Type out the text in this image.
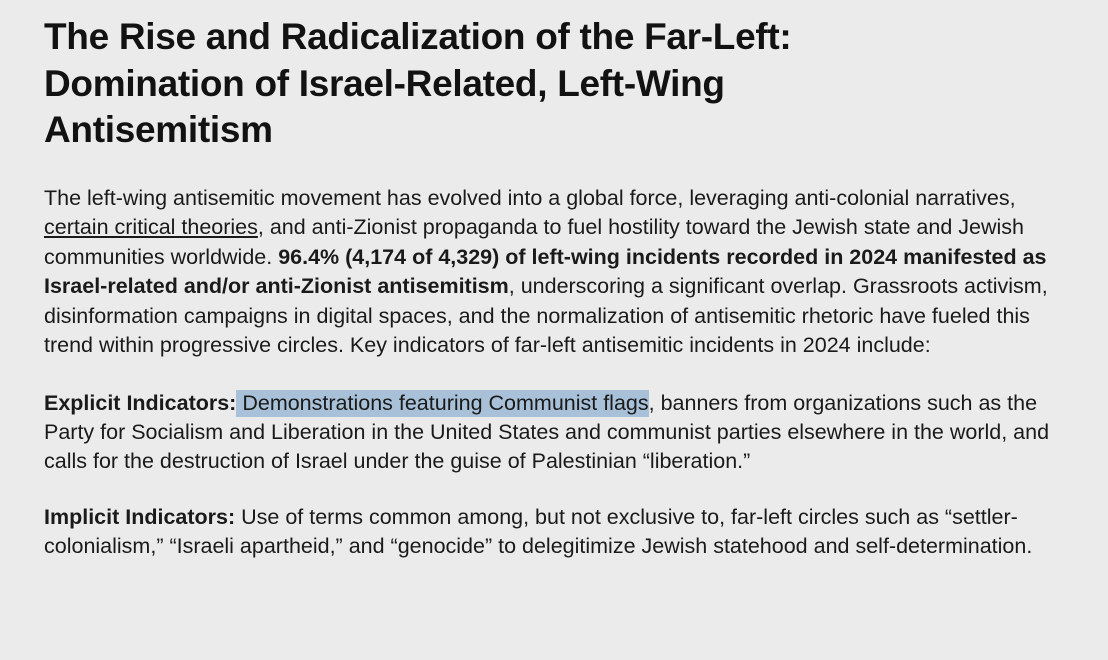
The Rise and Radicalization of the Far-Left: Domination of Israel-Related, Left-Wing Antisemitism

The left-wing antisemitic movement has evolved into a global force, leveraging anti-colonial narratives, certain critical theories, and anti-Zionist propaganda to fuel hostility toward the Jewish state and Jewish communities worldwide. 96.4% (4,174 of 4,329) of left-wing incidents recorded in 2024 manifested as Israel-related and/or anti-Zionist antisemitism, underscoring a significant overlap. Grassroots activism, disinformation campaigns in digital spaces, and the normalization of antisemitic rhetoric have fueled this trend within progressive circles. Key indicators of far-left antisemitic incidents in 2024 include:

Explicit Indicators: Demonstrations featuring Communist flags, banners from organizations such as the Party for Socialism and Liberation in the United States and communist parties elsewhere in the world, and calls for the destruction of Israel under the guise of Palestinian “liberation.”

Implicit Indicators: Use of terms common among, but not exclusive to, far-left circles such as “settler-colonialism,” “Israeli apartheid,” and “genocide” to delegitimize Jewish statehood and self-determination.
